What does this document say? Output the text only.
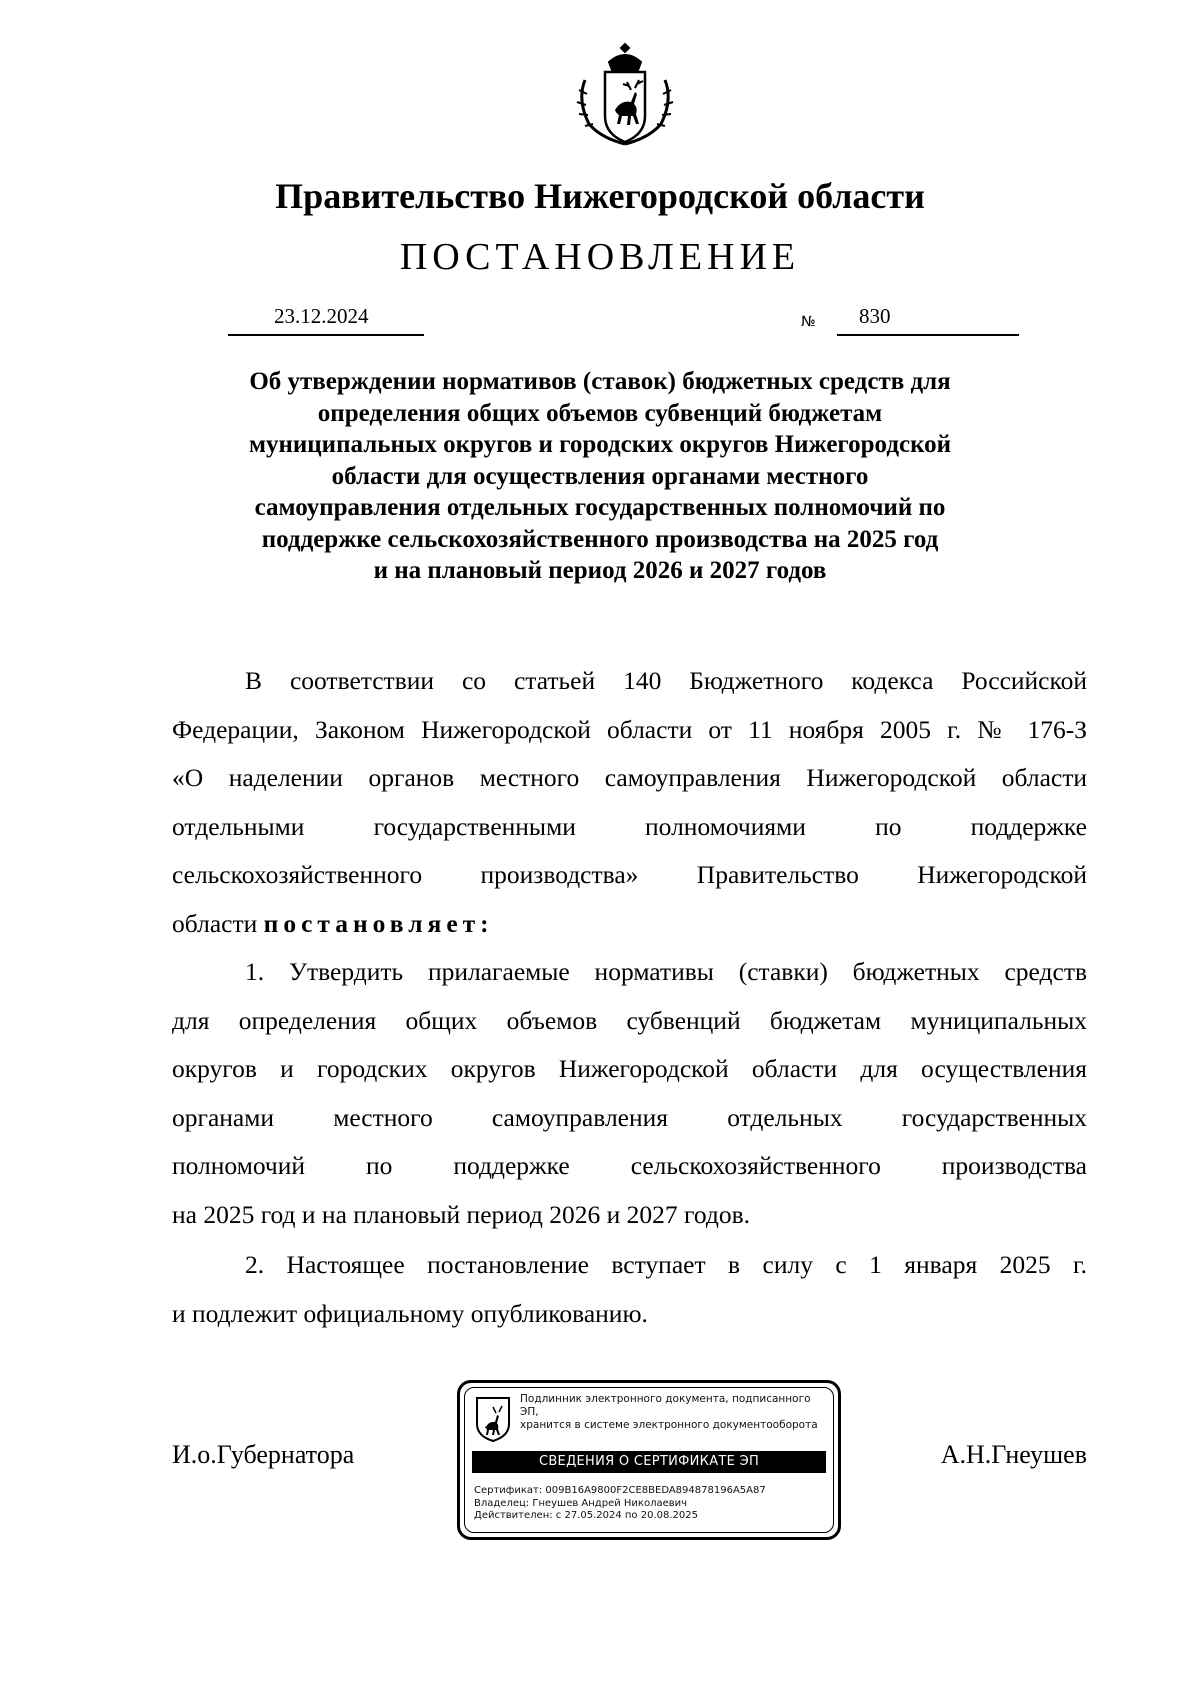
Правительство Нижегородской области
ПОСТАНОВЛЕНИЕ
23.12.2024	№ 830
Об утверждении нормативов (ставок) бюджетных средств для
определения общих объемов субвенций бюджетам
муниципальных округов и городских округов Нижегородской
области для осуществления органами местного
самоуправления отдельных государственных полномочий по
поддержке сельскохозяйственного производства на 2025 год
и на плановый период 2026 и 2027 годов

В соответствии со статьей 140 Бюджетного кодекса Российской
Федерации, Законом Нижегородской области от 11 ноября 2005 г. № 176-З
«О наделении органов местного самоуправления Нижегородской области
отдельными государственными полномочиями по поддержке
сельскохозяйственного производства» Правительство Нижегородской
области постановляет:

1. Утвердить прилагаемые нормативы (ставки) бюджетных средств
для определения общих объемов субвенций бюджетам муниципальных
округов и городских округов Нижегородской области для осуществления
органами местного самоуправления отдельных государственных
полномочий по поддержке сельскохозяйственного производства
на 2025 год и на плановый период 2026 и 2027 годов.

2. Настоящее постановление вступает в силу с 1 января 2025 г.
и подлежит официальному опубликованию.

И.о.Губернатора
Подлинник электронного документа, подписанного ЭП,
хранится в системе электронного документооборота
СВЕДЕНИЯ О СЕРТИФИКАТЕ ЭП
Сертификат: 009B16A9800F2CE8BEDA894878196A5A87
Владелец: Гнеушев Андрей Николаевич
Действителен: с 27.05.2024 по 20.08.2025
А.Н.Гнеушев
